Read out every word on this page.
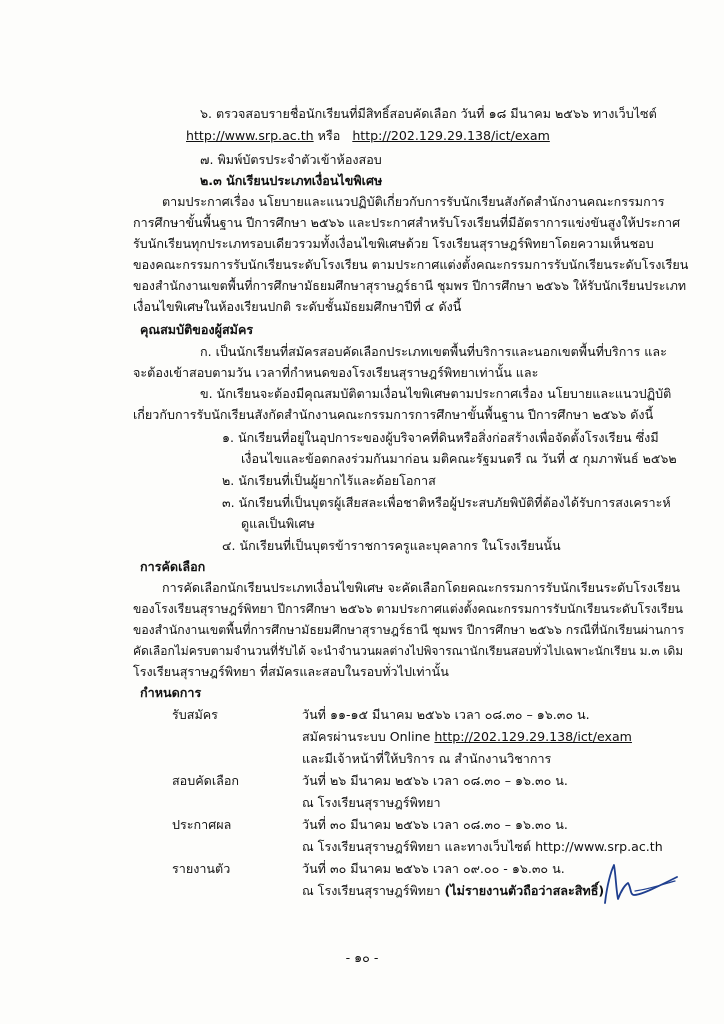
๖. ตรวจสอบรายชื่อนักเรียนที่มีสิทธิ์สอบคัดเลือก วันที่ ๑๘ มีนาคม ๒๕๖๖ ทางเว็บไซต์
http://www.srp.ac.th หรือ http://202.129.29.138/ict/exam
๗. พิมพ์บัตรประจำตัวเข้าห้องสอบ
๒.๓ นักเรียนประเภทเงื่อนไขพิเศษ
ตามประกาศเรื่อง นโยบายและแนวปฏิบัติเกี่ยวกับการรับนักเรียนสังกัดสำนักงานคณะกรรมการ
การศึกษาขั้นพื้นฐาน ปีการศึกษา ๒๕๖๖ และประกาศสำหรับโรงเรียนที่มีอัตราการแข่งขันสูงให้ประกาศ
รับนักเรียนทุกประเภทรอบเดียวรวมทั้งเงื่อนไขพิเศษด้วย โรงเรียนสุราษฎร์พิทยาโดยความเห็นชอบ
ของคณะกรรมการรับนักเรียนระดับโรงเรียน ตามประกาศแต่งตั้งคณะกรรมการรับนักเรียนระดับโรงเรียน
ของสำนักงานเขตพื้นที่การศึกษามัธยมศึกษาสุราษฎร์ธานี ชุมพร ปีการศึกษา ๒๕๖๖ ให้รับนักเรียนประเภท
เงื่อนไขพิเศษในห้องเรียนปกติ ระดับชั้นมัธยมศึกษาปีที่ ๔ ดังนี้
คุณสมบัติของผู้สมัคร
ก. เป็นนักเรียนที่สมัครสอบคัดเลือกประเภทเขตพื้นที่บริการและนอกเขตพื้นที่บริการ และ
จะต้องเข้าสอบตามวัน เวลาที่กำหนดของโรงเรียนสุราษฎร์พิทยาเท่านั้น และ
ข. นักเรียนจะต้องมีคุณสมบัติตามเงื่อนไขพิเศษตามประกาศเรื่อง นโยบายและแนวปฏิบัติ
เกี่ยวกับการรับนักเรียนสังกัดสำนักงานคณะกรรมการการศึกษาขั้นพื้นฐาน ปีการศึกษา ๒๕๖๖ ดังนี้
๑. นักเรียนที่อยู่ในอุปการะของผู้บริจาคที่ดินหรือสิ่งก่อสร้างเพื่อจัดตั้งโรงเรียน ซึ่งมี
เงื่อนไขและข้อตกลงร่วมกันมาก่อน มติคณะรัฐมนตรี ณ วันที่ ๕ กุมภาพันธ์ ๒๕๖๒
๒. นักเรียนที่เป็นผู้ยากไร้และด้อยโอกาส
๓. นักเรียนที่เป็นบุตรผู้เสียสละเพื่อชาติหรือผู้ประสบภัยพิบัติที่ต้องได้รับการสงเคราะห์
ดูแลเป็นพิเศษ
๔. นักเรียนที่เป็นบุตรข้าราชการครูและบุคลากร ในโรงเรียนนั้น
การคัดเลือก
การคัดเลือกนักเรียนประเภทเงื่อนไขพิเศษ จะคัดเลือกโดยคณะกรรมการรับนักเรียนระดับโรงเรียน
ของโรงเรียนสุราษฎร์พิทยา ปีการศึกษา ๒๕๖๖ ตามประกาศแต่งตั้งคณะกรรมการรับนักเรียนระดับโรงเรียน
ของสำนักงานเขตพื้นที่การศึกษามัธยมศึกษาสุราษฎร์ธานี ชุมพร ปีการศึกษา ๒๕๖๖ กรณีที่นักเรียนผ่านการ
คัดเลือกไม่ครบตามจำนวนที่รับได้ จะนำจำนวนผลต่างไปพิจารณานักเรียนสอบทั่วไปเฉพาะนักเรียน ม.๓ เดิม
โรงเรียนสุราษฎร์พิทยา ที่สมัครและสอบในรอบทั่วไปเท่านั้น
กำหนดการ
รับสมัคร	วันที่ ๑๑-๑๕ มีนาคม ๒๕๖๖ เวลา ๐๘.๓๐ – ๑๖.๓๐ น.
สมัครผ่านระบบ Online http://202.129.29.138/ict/exam
และมีเจ้าหน้าที่ให้บริการ ณ สำนักงานวิชาการ
สอบคัดเลือก	วันที่ ๒๖ มีนาคม ๒๕๖๖ เวลา ๐๘.๓๐ – ๑๖.๓๐ น.
ณ โรงเรียนสุราษฎร์พิทยา
ประกาศผล	วันที่ ๓๐ มีนาคม ๒๕๖๖ เวลา ๐๘.๓๐ – ๑๖.๓๐ น.
ณ โรงเรียนสุราษฎร์พิทยา และทางเว็บไซต์ http://www.srp.ac.th
รายงานตัว	วันที่ ๓๐ มีนาคม ๒๕๖๖ เวลา ๐๙.๐๐ - ๑๖.๓๐ น.
ณ โรงเรียนสุราษฎร์พิทยา (ไม่รายงานตัวถือว่าสละสิทธิ์)
- ๑๐ -
